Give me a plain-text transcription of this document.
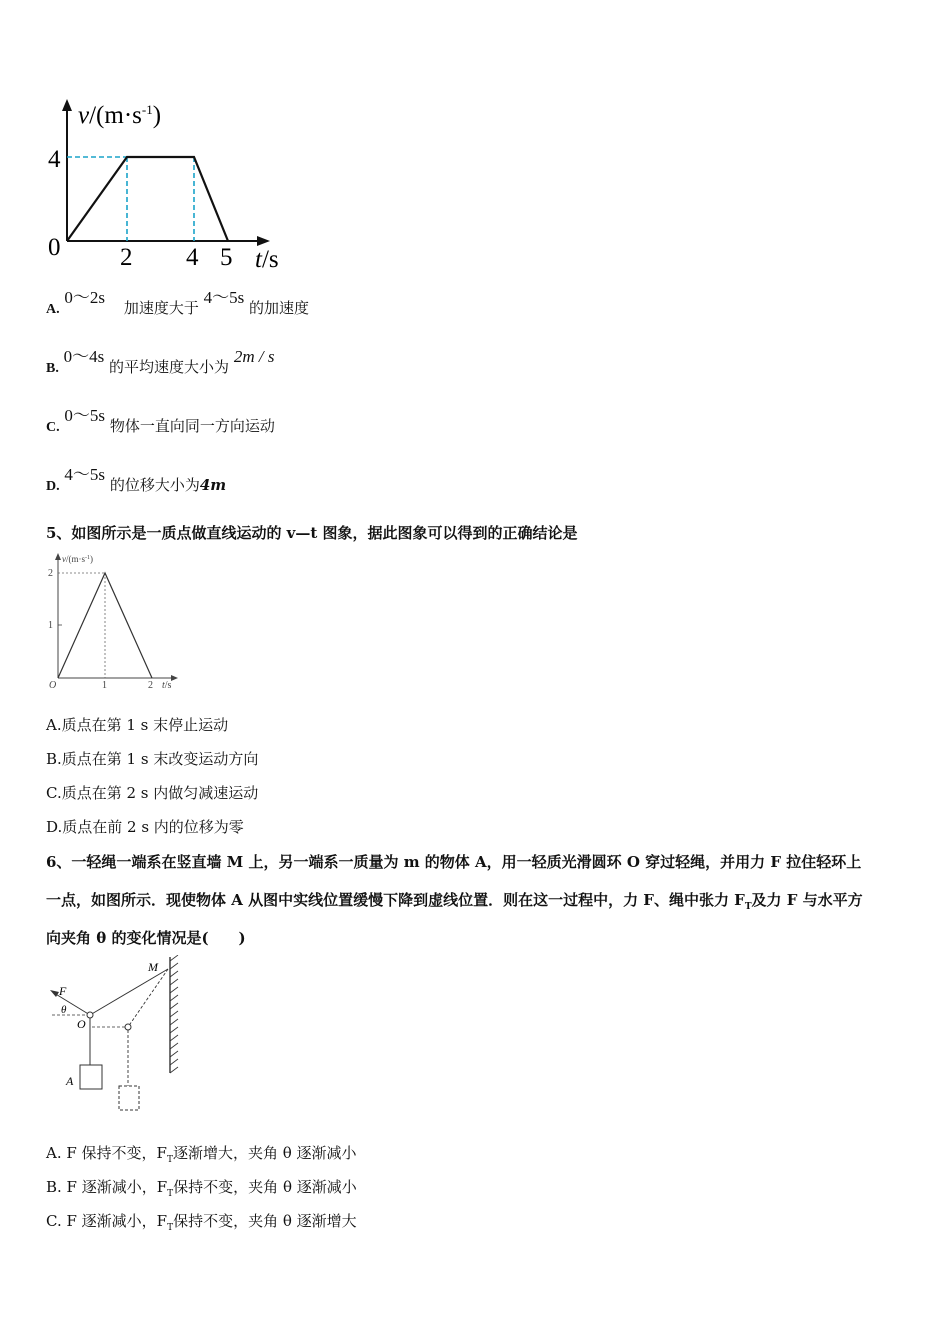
$v/(m\cdot s^{-1})$
4
0 2 4 5 t/s
A. 0～2s 加速度大于 4～5s 的加速度
B. 0～4s 的平均速度大小为 2m / s
C. 0～5s 物体一直向同一方向运动
D. 4～5s 的位移大小为4m
5、如图所示是一质点做直线运动的 v—t 图象，据此图象可以得到的正确结论是
$v/(m\cdot s^{-1})$
2
1
O	1	2 t/s
A.质点在第 1 s 末停止运动
B.质点在第 1 s 末改变运动方向
C.质点在第 2 s 内做匀减速运动
D.质点在前 2 s 内的位移为零
6、一轻绳一端系在竖直墙 M 上，另一端系一质量为 m 的物体 A，用一轻质光滑圆环 O 穿过轻绳，并用力 F 拉住轻环上
一点，如图所示．现使物体 A 从图中实线位置缓慢下降到虚线位置．则在这一过程中，力 F、绳中张力 $F_T$及力 F 与水平方
向夹角 θ 的变化情况是(　　)
M
F
θ
O
A
A. F 保持不变，$F_T$逐渐增大，夹角 θ 逐渐减小
B. F 逐渐减小，$F_T$保持不变，夹角 θ 逐渐减小
C. F 逐渐减小，$F_T$保持不变，夹角 θ 逐渐增大
